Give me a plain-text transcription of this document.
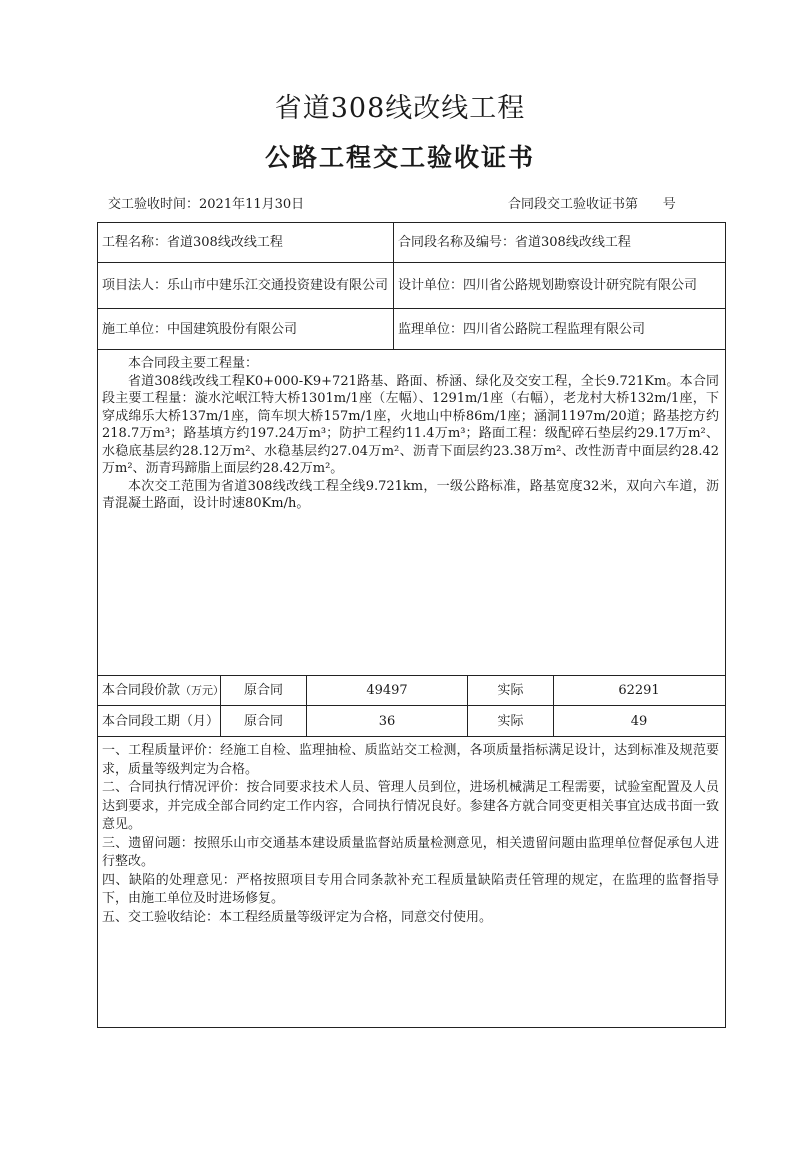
省道308线改线工程
公路工程交工验收证书
交工验收时间：2021年11月30日	合同段交工验收证书第      号
工程名称：省道308线改线工程	合同段名称及编号：省道308线改线工程
项目法人：乐山市中建乐江交通投资建设有限公司 设计单位：四川省公路规划勘察设计研究院有限公司
施工单位：中国建筑股份有限公司	监理单位：四川省公路院工程监理有限公司

本合同段主要工程量：

省道308线改线工程K0+000-K9+721路基、路面、桥涵、绿化及交安工程，全长9.721Km。本合同段主要工程量：漩水沱岷江特大桥1301m/1座（左幅）、1291m/1座（右幅），老龙村大桥132m/1座，下穿成绵乐大桥137m/1座，筒车坝大桥157m/1座，火地山中桥86m/1座；涵洞1197m/20道；路基挖方约218.7万m³；路基填方约197.24万m³；防护工程约11.4万m³；路面工程：级配碎石垫层约29.17万m²、水稳底基层约28.12万m²、水稳基层约27.04万m²、沥青下面层约23.38万m²、改性沥青中面层约28.42万m²、沥青玛蹄脂上面层约28.42万m²。

本次交工范围为省道308线改线工程全线9.721km，一级公路标准，路基宽度32米，双向六车道，沥青混凝土路面，设计时速80Km/h。

本合同段价款 （万元）	原合同	49497	实际	62291
本合同段工期（月）	原合同	36	实际	49

一、工程质量评价：经施工自检、监理抽检、质监站交工检测，各项质量指标满足设计，达到标准及规范要求，质量等级判定为合格。

二、合同执行情况评价：按合同要求技术人员、管理人员到位，进场机械满足工程需要，试验室配置及人员达到要求，并完成全部合同约定工作内容，合同执行情况良好。参建各方就合同变更相关事宜达成书面一致意见。

三、遗留问题：按照乐山市交通基本建设质量监督站质量检测意见，相关遗留问题由监理单位督促承包人进行整改。

四、缺陷的处理意见：严格按照项目专用合同条款补充工程质量缺陷责任管理的规定，在监理的监督指导下，由施工单位及时进场修复。

五、交工验收结论：本工程经质量等级评定为合格，同意交付使用。
